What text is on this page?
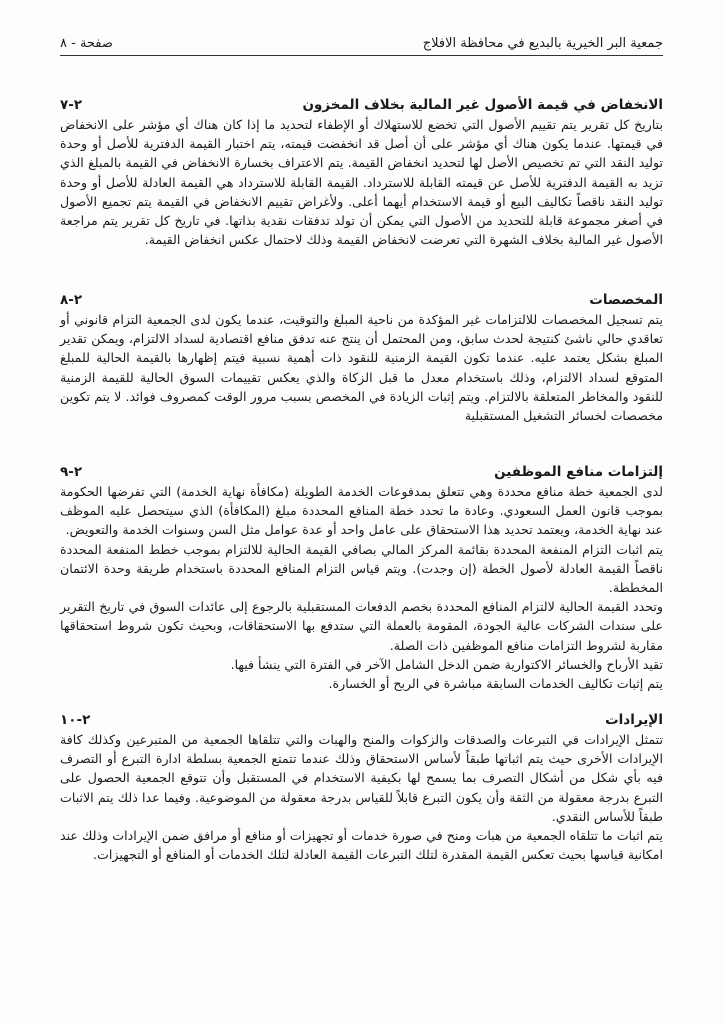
جمعية البر الخيرية بالبديع في محافظة الافلاج
صفحة - ٨
الانخفاض في قيمة الأصول غير المالية بخلاف المخزون
٢-٧

بتاريخ كل تقرير يتم تقييم الأصول التي تخضع للاستهلاك أو الإطفاء لتحديد ما إذا كان هناك أي مؤشر على الانخفاض في قيمتها. عندما يكون هناك أي مؤشر على أن أصل قد انخفضت قيمته، يتم اختبار القيمة الدفترية للأصل أو وحدة توليد النقد التي تم تخصيص الأصل لها لتحديد انخفاض القيمة. يتم الاعتراف بخسارة الانخفاض في القيمة بالمبلغ الذي تزيد به القيمة الدفترية للأصل عن قيمته القابلة للاسترداد. القيمة القابلة للاسترداد هي القيمة العادلة للأصل أو وحدة توليد النقد ناقصاً تكاليف البيع أو قيمة الاستخدام أيهما أعلى. ولأغراض تقييم الانخفاض في القيمة يتم تجميع الأصول في أصغر مجموعة قابلة للتحديد من الأصول التي يمكن أن تولد تدفقات نقدية بذاتها. في تاريخ كل تقرير يتم مراجعة الأصول غير المالية بخلاف الشهرة التي تعرضت لانخفاض القيمة وذلك لاحتمال عكس انخفاض القيمة.

المخصصات
٢-٨

يتم تسجيل المخصصات للالتزامات غير المؤكدة من ناحية المبلغ والتوقيت، عندما يكون لدى الجمعية التزام قانوني أو تعاقدي حالي ناشئ كنتيجة لحدث سابق، ومن المحتمل أن ينتج عنه تدفق منافع اقتصادية لسداد الالتزام، ويمكن تقدير المبلغ بشكل يعتمد عليه. عندما تكون القيمة الزمنية للنقود ذات أهمية نسبية فيتم إظهارها بالقيمة الحالية للمبلغ المتوقع لسداد الالتزام، وذلك باستخدام معدل ما قبل الزكاة والذي يعكس تقييمات السوق الحالية للقيمة الزمنية للنقود والمخاطر المتعلقة بالالتزام. ويتم إثبات الزيادة في المخصص بسبب مرور الوقت كمصروف فوائد. لا يتم تكوين مخصصات لخسائر التشغيل المستقبلية

إلتزامات منافع الموظفين
٢-٩

لدى الجمعية خطة منافع محددة وهي تتعلق بمدفوعات الخدمة الطويلة (مكافأة نهاية الخدمة) التي تفرضها الحكومة بموجب قانون العمل السعودي. وعادة ما تحدد خطة المنافع المحددة مبلغ (المكافأة) الذي سيتحصل عليه الموظف عند نهاية الخدمة، ويعتمد تحديد هذا الاستحقاق على عامل واحد أو عدة عوامل مثل السن وسنوات الخدمة والتعويض.

يتم اثبات التزام المنفعة المحددة بقائمة المركز المالي بصافي القيمة الحالية للالتزام بموجب خطط المنفعة المحددة ناقصاً القيمة العادلة لأصول الخطة (إن وجدت). ويتم قياس التزام المنافع المحددة باستخدام طريقة وحدة الائتمان المخططة.

وتحدد القيمة الحالية لالتزام المنافع المحددة بخصم الدفعات المستقبلية بالرجوع إلى عائدات السوق في تاريخ التقرير على سندات الشركات عالية الجودة، المقومة بالعملة التي ستدفع بها الاستحقاقات، وبحيث تكون شروط استحقاقها مقاربة لشروط التزامات منافع الموظفين ذات الصلة.

تقيد الأرباح والخسائر الاكتوارية ضمن الدخل الشامل الآخر في الفترة التي ينشأ فيها.

يتم إثبات تكاليف الخدمات السابقة مباشرة في الربح أو الخسارة.

الإيرادات
٢-١٠

تتمثل الإيرادات في التبرعات والصدقات والزكوات والمنح والهبات والتي تتلقاها الجمعية من المتبرعين وكذلك كافة الإيرادات الأخرى حيث يتم اثباتها طبقاً لأساس الاستحقاق وذلك عندما تتمتع الجمعية بسلطة ادارة التبرع أو التصرف فيه بأي شكل من أشكال التصرف بما يسمح لها بكيفية الاستخدام في المستقبل وأن تتوقع الجمعية الحصول على التبرع بدرجة معقولة من الثقة وأن يكون التبرع قابلاً للقياس بدرجة معقولة من الموضوعية. وفيما عدا ذلك يتم الاثبات طبقاً للأساس النقدي.

يتم اثبات ما تتلقاه الجمعية من هبات ومنح في صورة خدمات أو تجهيزات أو منافع أو مرافق ضمن الإيرادات وذلك عند امكانية قياسها بحيث تعكس القيمة المقدرة لتلك التبرعات القيمة العادلة لتلك الخدمات أو المنافع أو التجهيزات.
